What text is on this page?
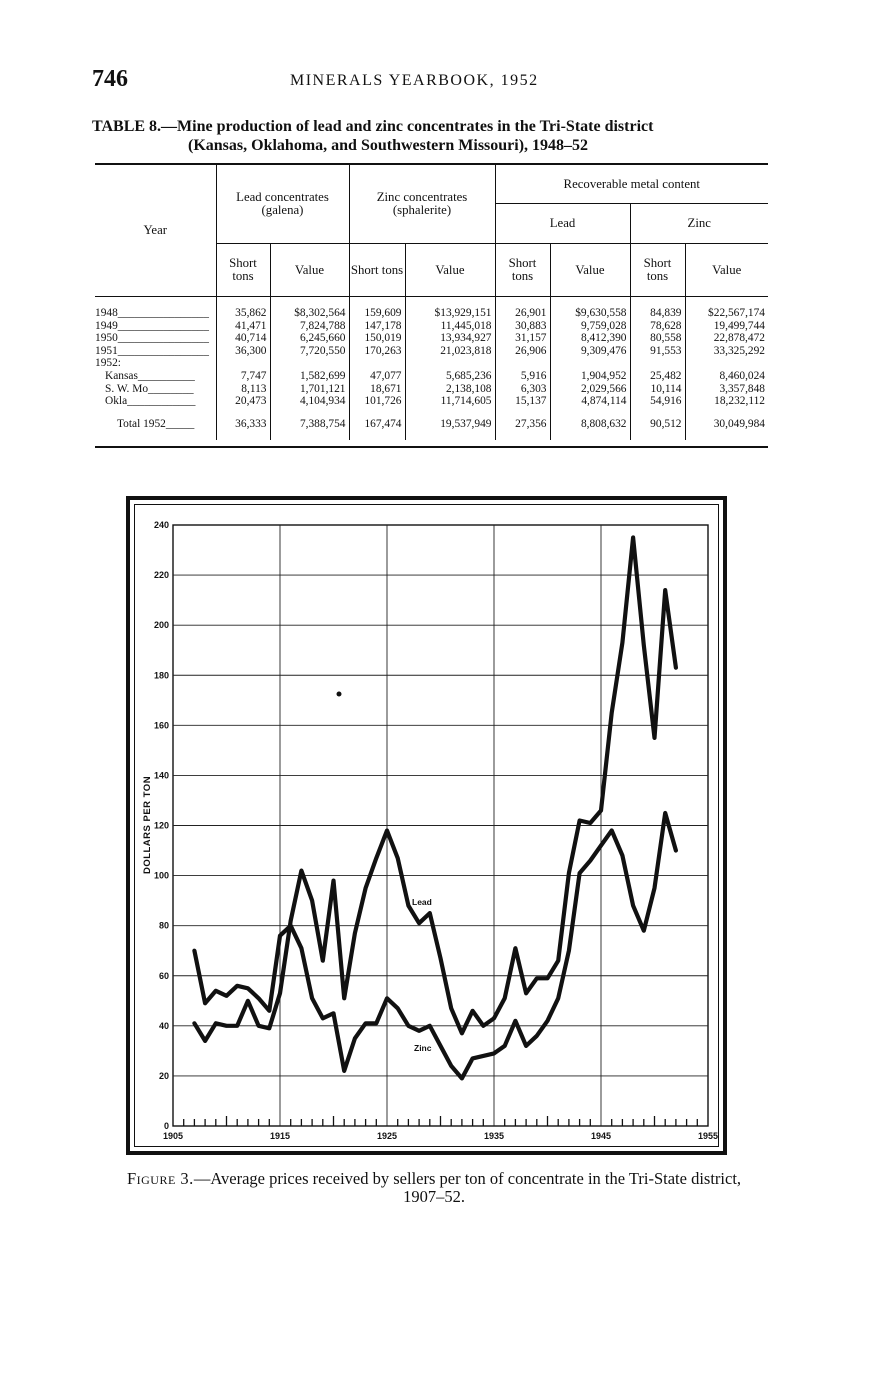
746	MINERALS YEARBOOK, 1952
TABLE 8.—Mine production of lead and zinc concentrates in the Tri-State district
(Kansas, Oklahoma, and Southwestern Missouri), 1948–52
Year	Lead concentrates (galena)		Zinc concentrates (sphalerite)		Recoverable metal content			
					Lead		Zinc	
	Short tons	Value	Short tons	Value	Short tons	Value	Short tons	Value

1948________________	35,862	$8,302,564	159,609	$13,929,151	26,901	$9,630,558	84,839	$22,567,174
1949________________	41,471	7,824,788	147,178	11,445,018	30,883	9,759,028	78,628	19,499,744
1950________________	40,714	6,245,660	150,019	13,934,927	31,157	8,412,390	80,558	22,878,472
1951________________	36,300	7,720,550	170,263	21,023,818	26,906	9,309,476	91,553	33,325,292
1952:								
Kansas__________	7,747	1,582,699	47,077	5,685,236	5,916	1,904,952	25,482	8,460,024
S. W. Mo________	8,113	1,701,121	18,671	2,138,108	6,303	2,029,566	10,114	3,357,848
Okla____________	20,473	4,104,934	101,726	11,714,605	15,137	4,874,114	54,916	18,232,112

Total 1952_____	36,333	7,388,754	167,474	19,537,949	27,356	8,808,632	90,512	30,049,984

0
20
40
60
80
100
120
140
160
180
200
220
240
1905	1915	1925	1935	1945	1955
DOLLARS PER TON
Lead
Zinc
Figure 3.—Average prices received by sellers per ton of concentrate in the Tri-State district, 1907–52.
